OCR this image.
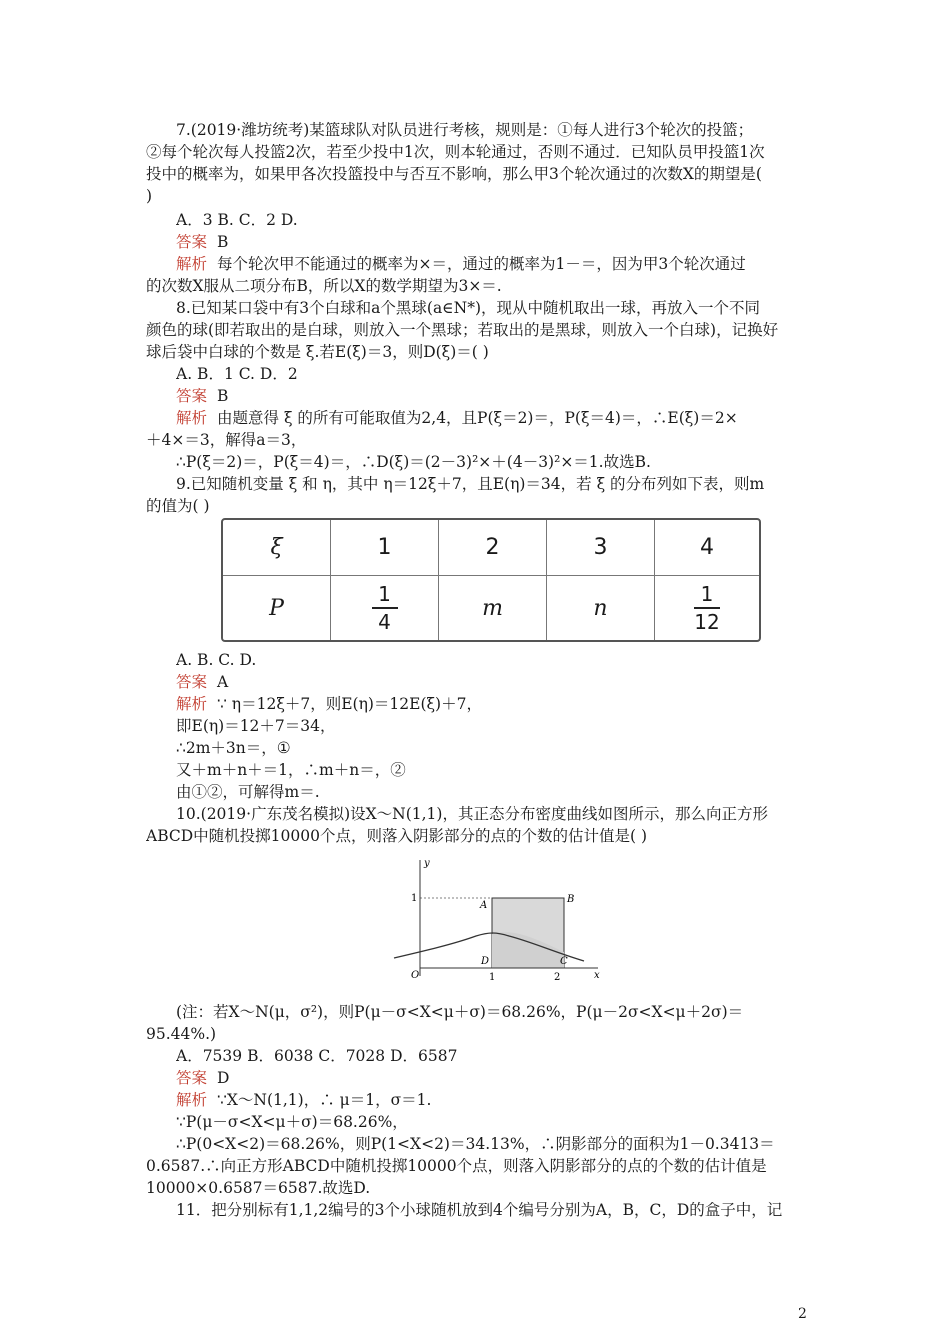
7.(2019·潍坊统考)某篮球队对队员进行考核，规则是：①每人进行3个轮次的投篮；
②每个轮次每人投篮2次，若至少投中1次，则本轮通过，否则不通过．已知队员甲投篮1次
投中的概率为，如果甲各次投篮投中与否互不影响，那么甲3个轮次通过的次数X的期望是(
)
A．3 B. C．2 D.
答案 B
解析 每个轮次甲不能通过的概率为×＝，通过的概率为1－＝，因为甲3个轮次通过
的次数X服从二项分布B，所以X的数学期望为3×＝.
8.已知某口袋中有3个白球和a个黑球(a∈N*)，现从中随机取出一球，再放入一个不同
颜色的球(即若取出的是白球，则放入一个黑球；若取出的是黑球，则放入一个白球)，记换好
球后袋中白球的个数是 ξ.若E(ξ)＝3，则D(ξ)＝( )
A. B．1 C. D．2
答案 B
解析 由题意得 ξ 的所有可能取值为2,4，且P(ξ＝2)＝，P(ξ＝4)＝，∴E(ξ)＝2×
＋4×＝3，解得a＝3，
∴P(ξ＝2)＝，P(ξ＝4)＝，∴D(ξ)＝(2－3)²×＋(4－3)²×＝1.故选B.
9.已知随机变量 ξ 和 η，其中 η＝12ξ＋7，且E(η)＝34，若 ξ 的分布列如下表，则m
的值为( )
ξ	1	2	3	4
P	$\frac{1}{4}$	m	n	$\frac{1}{12}$
A. B. C. D.
答案 A
解析 ∵ η＝12ξ＋7，则E(η)＝12E(ξ)＋7，
即E(η)＝12＋7＝34，
∴2m＋3n＝，①
又＋m＋n＋＝1，∴m＋n＝，②
由①②，可解得m＝.
10.(2019·广东茂名模拟)设X～N(1,1)，其正态分布密度曲线如图所示，那么向正方形
ABCD中随机投掷10000个点，则落入阴影部分的点的个数的估计值是( )
y
x
1
O	1	2
A
B
C
D
(注：若X～N(μ，σ²)，则P(μ－σ<X<μ＋σ)＝68.26%，P(μ－2σ<X<μ＋2σ)＝
95.44%.)
A．7539 B．6038 C．7028 D．6587
答案 D
解析 ∵X～N(1,1)，∴ μ＝1，σ＝1.
∵P(μ－σ<X<μ＋σ)＝68.26%，
∴P(0<X<2)＝68.26%，则P(1<X<2)＝34.13%，∴阴影部分的面积为1－0.3413＝
0.6587.∴向正方形ABCD中随机投掷10000个点，则落入阴影部分的点的个数的估计值是
10000×0.6587＝6587.故选D.
11．把分别标有1,1,2编号的3个小球随机放到4个编号分别为A，B，C，D的盒子中，记
2
